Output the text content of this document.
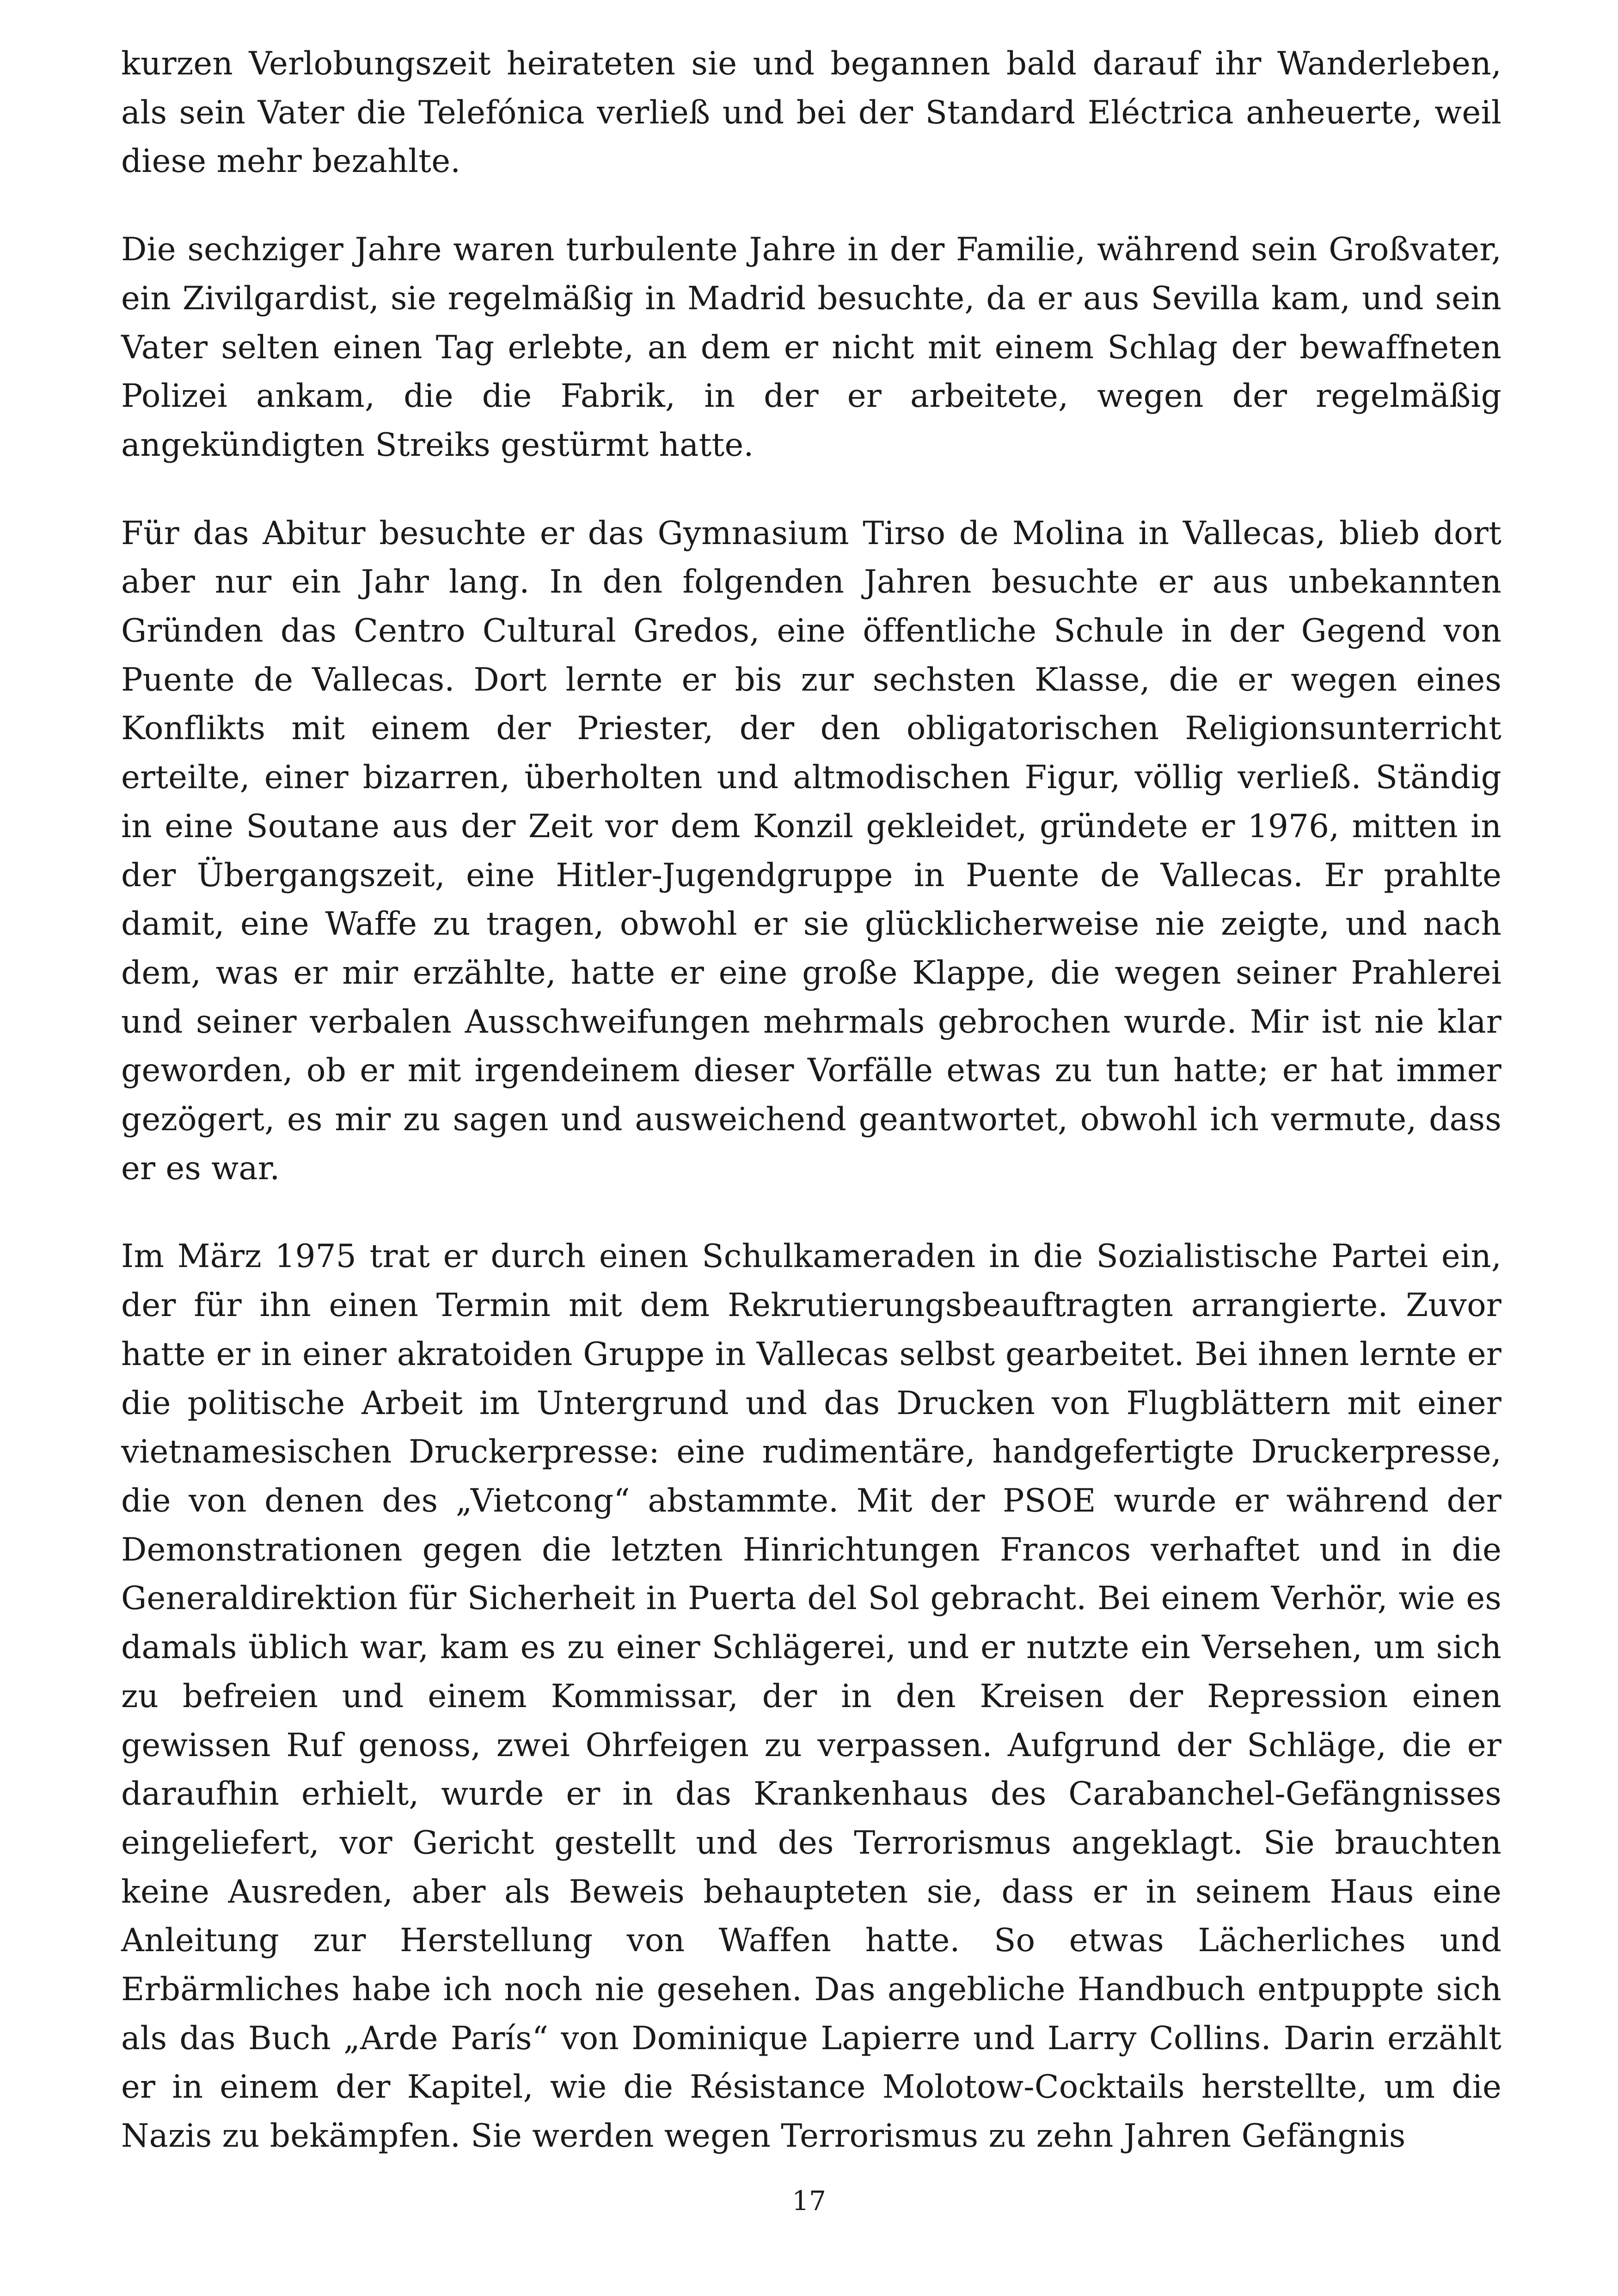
kurzen Verlobungszeit heirateten sie und begannen bald darauf ihr Wanderleben, als sein Vater die Telefónica verließ und bei der Standard Eléctrica anheuerte, weil diese mehr bezahlte.

Die sechziger Jahre waren turbulente Jahre in der Familie, während sein Großvater, ein Zivilgardist, sie regelmäßig in Madrid besuchte, da er aus Sevilla kam, und sein Vater selten einen Tag erlebte, an dem er nicht mit einem Schlag der bewaffneten Polizei ankam, die die Fabrik, in der er arbeitete, wegen der regelmäßig angekündigten Streiks gestürmt hatte.

Für das Abitur besuchte er das Gymnasium Tirso de Molina in Vallecas, blieb dort aber nur ein Jahr lang. In den folgenden Jahren besuchte er aus unbekannten Gründen das Centro Cultural Gredos, eine öffentliche Schule in der Gegend von Puente de Vallecas. Dort lernte er bis zur sechsten Klasse, die er wegen eines Konflikts mit einem der Priester, der den obligatorischen Religionsunterricht erteilte, einer bizarren, überholten und altmodischen Figur, völlig verließ. Ständig in eine Soutane aus der Zeit vor dem Konzil gekleidet, gründete er 1976, mitten in der Übergangszeit, eine Hitler-Jugendgruppe in Puente de Vallecas. Er prahlte damit, eine Waffe zu tragen, obwohl er sie glücklicherweise nie zeigte, und nach dem, was er mir erzählte, hatte er eine große Klappe, die wegen seiner Prahlerei und seiner verbalen Ausschweifungen mehrmals gebrochen wurde. Mir ist nie klar geworden, ob er mit irgendeinem dieser Vorfälle etwas zu tun hatte; er hat immer gezögert, es mir zu sagen und ausweichend geantwortet, obwohl ich vermute, dass er es war.

Im März 1975 trat er durch einen Schulkameraden in die Sozialistische Partei ein, der für ihn einen Termin mit dem Rekrutierungsbeauftragten arrangierte. Zuvor hatte er in einer akratoiden Gruppe in Vallecas selbst gearbeitet. Bei ihnen lernte er die politische Arbeit im Untergrund und das Drucken von Flugblättern mit einer vietnamesischen Druckerpresse: eine rudimentäre, handgefertigte Druckerpresse, die von denen des „Vietcong“ abstammte. Mit der PSOE wurde er während der Demonstrationen gegen die letzten Hinrichtungen Francos verhaftet und in die Generaldirektion für Sicherheit in Puerta del Sol gebracht. Bei einem Verhör, wie es damals üblich war, kam es zu einer Schlägerei, und er nutzte ein Versehen, um sich zu befreien und einem Kommissar, der in den Kreisen der Repression einen gewissen Ruf genoss, zwei Ohrfeigen zu verpassen. Aufgrund der Schläge, die er daraufhin erhielt, wurde er in das Krankenhaus des Carabanchel-Gefängnisses eingeliefert, vor Gericht gestellt und des Terrorismus angeklagt. Sie brauchten keine Ausreden, aber als Beweis behaupteten sie, dass er in seinem Haus eine Anleitung zur Herstellung von Waffen hatte. So etwas Lächerliches und Erbärmliches habe ich noch nie gesehen. Das angebliche Handbuch entpuppte sich als das Buch „Arde París“ von Dominique Lapierre und Larry Collins. Darin erzählt er in einem der Kapitel, wie die Résistance Molotow-Cocktails herstellte, um die Nazis zu bekämpfen. Sie werden wegen Terrorismus zu zehn Jahren Gefängnis

17
